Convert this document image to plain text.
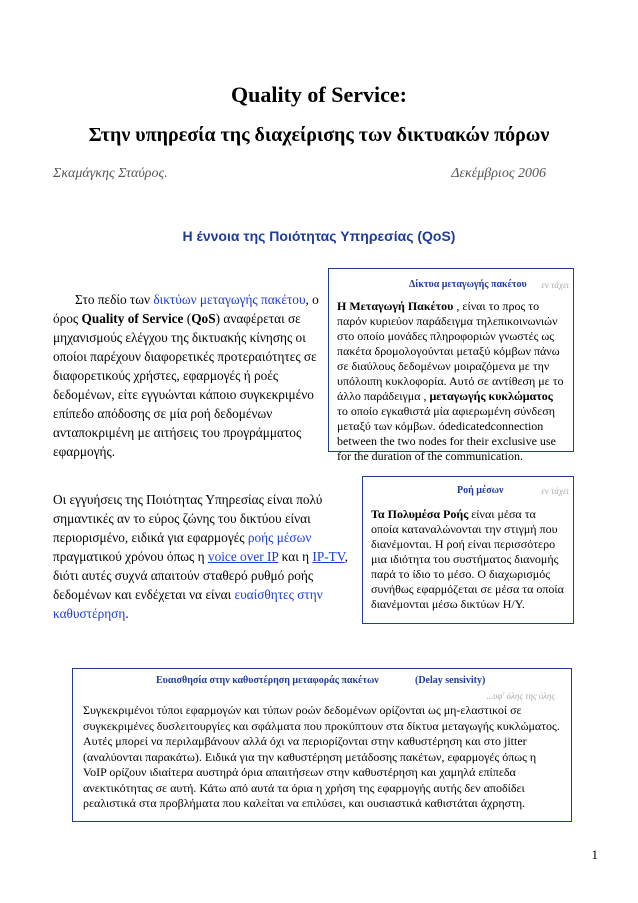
Quality of Service:
Στην υπηρεσία της διαχείρισης των δικτυακών πόρων
Σκαμάγκης Σταύρος.	Δεκέμβριος 2006
Η έννοια της Ποιότητας Υπηρεσίας (QoS)
Στο πεδίο των δικτύων μεταγωγής πακέτου, ο όρος Quality of Service (QoS) αναφέρεται σε μηχανισμούς ελέγχου της δικτυακής κίνησης οι οποίοι παρέχουν διαφορετικές προτεραιότητες σε διαφορετικούς χρήστες, εφαρμογές ή ροές δεδομένων, είτε εγγυώνται κάποιο συγκεκριμένο επίπεδο απόδοσης σε μία ροή δεδομένων ανταποκριμένη με αιτήσεις του προγράμματος εφαρμογής.
Δίκτυα μεταγωγής πακέτου εν τάχει
Η Μεταγωγή Πακέτου , είναι το προς το παρόν κυριεύον παράδειγμα τηλεπικοινωνιών στο οποίο μονάδες πληροφοριών γνωστές ως πακέτα δρομολογούνται μεταξύ κόμβων πάνω σε διαύλους δεδομένων μοιραζόμενα με την υπόλοιπη κυκλοφορία. Αυτό σε αντίθεση με το άλλο παράδειγμα , μεταγωγής κυκλώματος το οποίο εγκαθιστά μία αφιερωμένη σύνδεση μεταξύ των κόμβων. ódedicatedconnection between the two nodes for their exclusive use for the duration of the communication.
Οι εγγυήσεις της Ποιότητας Υπηρεσίας είναι πολύ σημαντικές αν το εύρος ζώνης του δικτύου είναι περιορισμένο, ειδικά για εφαρμογές ροής μέσων πραγματικού χρόνου όπως η voice over IP και η IP-TV, διότι αυτές συχνά απαιτούν σταθερό ρυθμό ροής δεδομένων και ενδέχεται να είναι ευαίσθητες στην καθυστέρηση.
Ροή μέσων	εν τάχει
Τα Πολυμέσα Ροής είναι μέσα τα οποία καταναλώνονται την στιγμή που διανέμονται. Η ροή είναι περισσότερο μια ιδιότητα του συστήματος διανομής παρά το ίδιο το μέσο. Ο διαχωρισμός συνήθως εφαρμόζεται σε μέσα τα οποία διανέμονται μέσω δικτύων Η/Υ.
Ευαισθησία στην καθυστέρηση μεταφοράς πακέτων	(Delay sensivity)
...υφ' όλης της ύλης
Συγκεκριμένοι τύποι εφαρμογών και τύπων ροών δεδομένων ορίζονται ως μη-ελαστικοί σε συγκεκριμένες δυσλειτουργίες και σφάλματα που προκύπτουν στα δίκτυα μεταγωγής κυκλώματος. Αυτές μπορεί να περιλαμβάνουν αλλά όχι να περιορίζονται στην καθυστέρηση και στο jitter (αναλύονται παρακάτω). Ειδικά για την καθυστέρηση μετάδοσης πακέτων, εφαρμογές όπως η VoIP ορίζουν ιδιαίτερα αυστηρά όρια απαιτήσεων στην καθυστέρηση και χαμηλά επίπεδα ανεκτικότητας σε αυτή. Κάτω από αυτά τα όρια η χρήση της εφαρμογής αυτής δεν αποδίδει ρεαλιστικά στα προβλήματα που καλείται να επιλύσει, και ουσιαστικά καθιστάται άχρηστη.
1
